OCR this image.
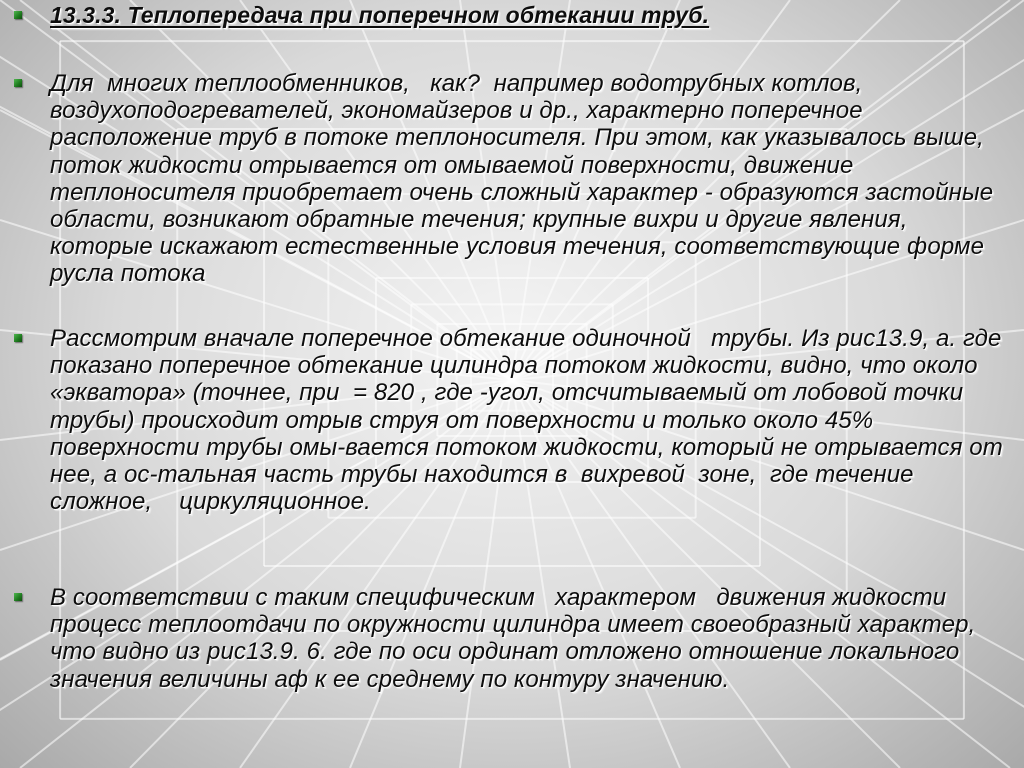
13.3.3. Теплопередача при поперечном обтекании труб.
Для  многих теплообменников,   как?  например водотрубных котлов, воздухоподогревателей, экономайзеров и др., характерно поперечное расположение труб в потоке теплоносителя. При этом, как указывалось выше, поток жидкости отрывается от омываемой поверхности, движение теплоносителя приобретает очень сложный характер - образуются застойные области, возникают обратные течения; крупные вихри и другие явления, которые искажают естественные условия течения, соответствующие форме русла потока
Рассмотрим вначале поперечное обтекание одиночной   трубы. Из рис13.9, а. где показано поперечное обтекание цилиндра потоком жидкости, видно, что около «экватора» (точнее, при  = 820 , где -угол, отсчитываемый от лобовой точки трубы) происходит отрыв струя от поверхности и только около 45% поверхности трубы омы-вается потоком жидкости, который не отрывается от нее, а ос-тальная часть трубы находится в  вихревой  зоне,  где течение сложное,    циркуляционное.
В соответствии с таким специфическим   характером   движения жидкости процесс теплоотдачи по окружности цилиндра имеет своеобразный характер, что видно из рис13.9. 6. где по оси ординат отложено отношение локального значения величины аф к ее среднему по контуру значению.
